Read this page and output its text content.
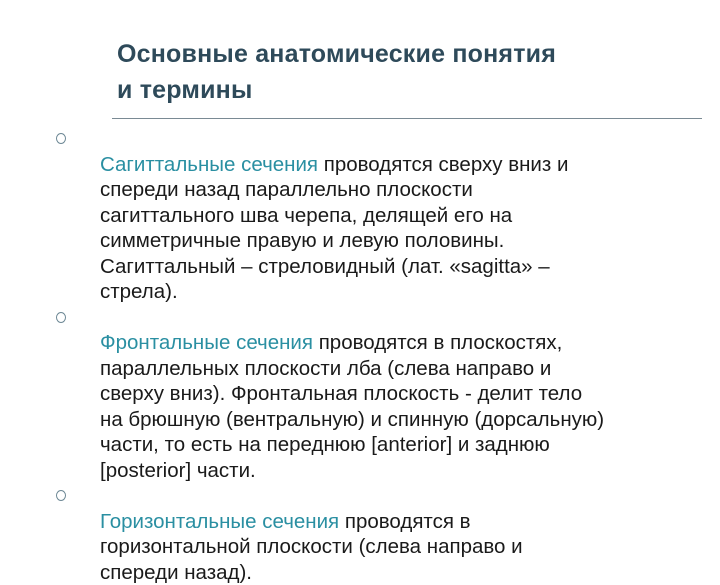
Основные анатомические понятия
и термины

Сагиттальные сечения проводятся сверху вниз и
спереди назад параллельно плоскости
сагиттального шва черепа, делящей его на
симметричные правую и левую половины.
Сагиттальный – стреловидный (лат. «sagitta» –
стрела).

Фронтальные сечения проводятся в плоскостях,
параллельных плоскости лба (слева направо и
сверху вниз). Фронтальная плоскость - делит тело
на брюшную (вентральную) и спинную (дорсальную)
части, то есть на переднюю [anterior] и заднюю
[posterior] части.

Горизонтальные сечения проводятся в
горизонтальной плоскости (слева направо и
спереди назад).
